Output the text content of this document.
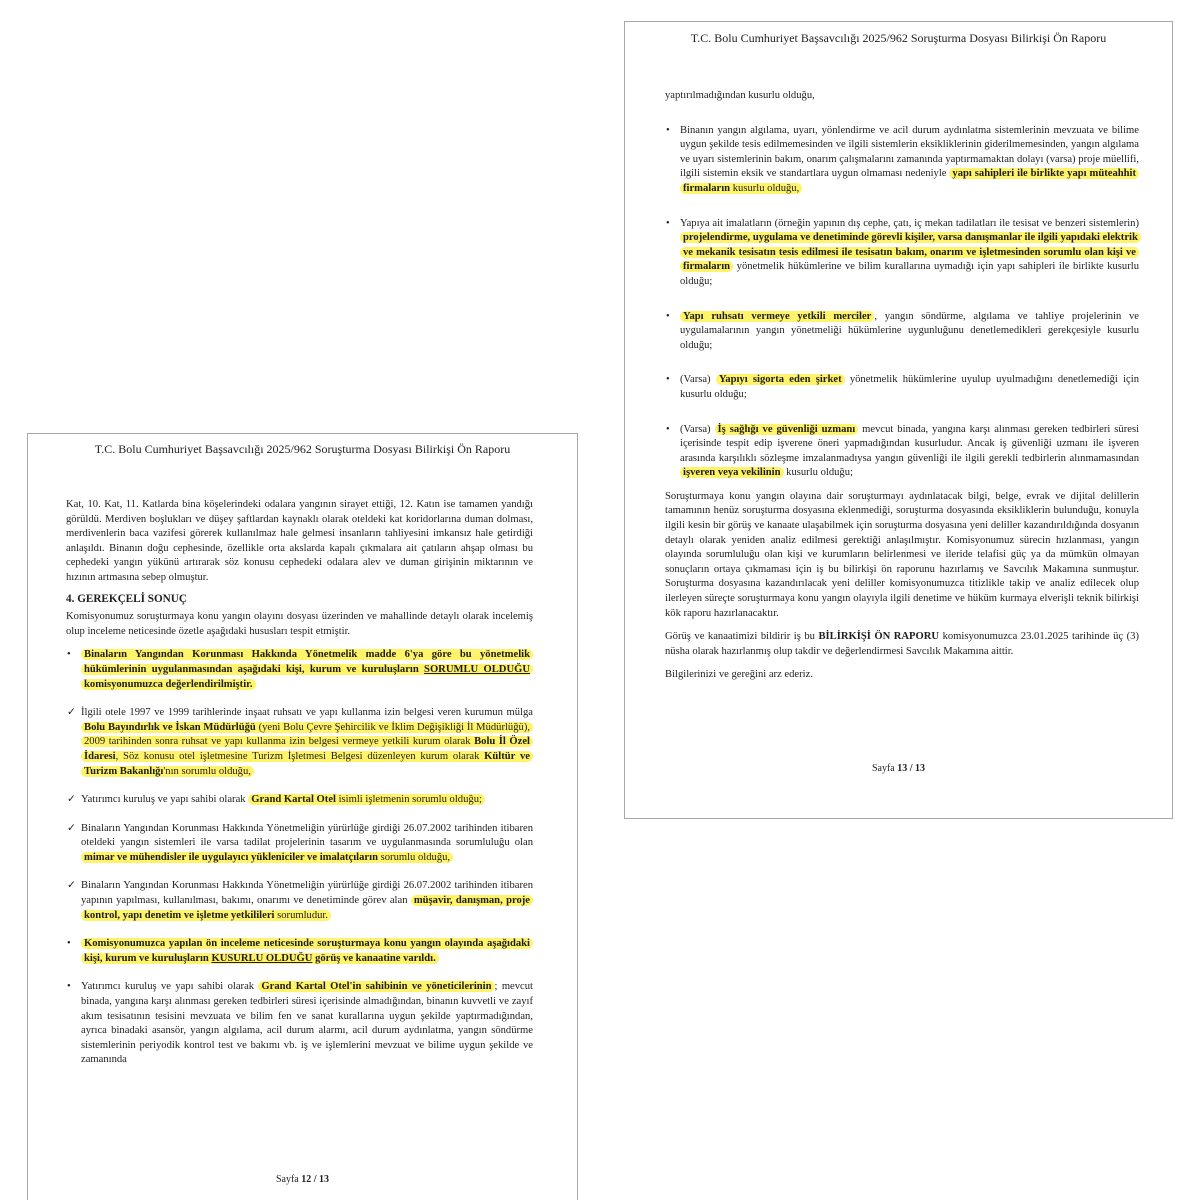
T.C. Bolu Cumhuriyet Başsavcılığı 2025/962 Soruşturma Dosyası Bilirkişi Ön Raporu

Kat, 10. Kat, 11. Katlarda bina köşelerindeki odalara yangının sirayet ettiği, 12. Katın ise tamamen yandığı görüldü. Merdiven boşlukları ve düşey şaftlardan kaynaklı olarak oteldeki kat koridorlarına duman dolması, merdivenlerin baca vazifesi görerek kullanılmaz hale gelmesi insanların tahliyesini imkansız hale getirdiği anlaşıldı. Binanın doğu cephesinde, özellikle orta akslarda kapalı çıkmalara ait çatıların ahşap olması bu cephedeki yangın yükünü artırarak söz konusu cephedeki odalara alev ve duman girişinin miktarının ve hızının artmasına sebep olmuştur.

4. GEREKÇELİ SONUÇ

Komisyonumuz soruşturmaya konu yangın olayını dosyası üzerinden ve mahallinde detaylı olarak incelemiş olup inceleme neticesinde özetle aşağıdaki hususları tespit etmiştir.

• Binaların Yangından Korunması Hakkında Yönetmelik madde 6'ya göre bu yönetmelik hükümlerinin uygulanmasından aşağıdaki kişi, kurum ve kuruluşların SORUMLU OLDUĞU komisyonumuzca değerlendirilmiştir.
✓ İlgili otele 1997 ve 1999 tarihlerinde inşaat ruhsatı ve yapı kullanma izin belgesi veren kurumun mülga Bolu Bayındırlık ve İskan Müdürlüğü (yeni Bolu Çevre Şehircilik ve İklim Değişikliği İl Müdürlüğü), 2009 tarihinden sonra ruhsat ve yapı kullanma izin belgesi vermeye yetkili kurum olarak Bolu İl Özel İdaresi, Söz konusu otel işletmesine Turizm İşletmesi Belgesi düzenleyen kurum olarak Kültür ve Turizm Bakanlığı'nın sorumlu olduğu,
✓ Yatırımcı kuruluş ve yapı sahibi olarak Grand Kartal Otel isimli işletmenin sorumlu olduğu;
✓ Binaların Yangından Korunması Hakkında Yönetmeliğin yürürlüğe girdiği 26.07.2002 tarihinden itibaren oteldeki yangın sistemleri ile varsa tadilat projelerinin tasarım ve uygulanmasında sorumluluğu olan mimar ve mühendisler ile uygulayıcı yükleniciler ve imalatçıların sorumlu olduğu,
✓ Binaların Yangından Korunması Hakkında Yönetmeliğin yürürlüğe girdiği 26.07.2002 tarihinden itibaren yapının yapılması, kullanılması, bakımı, onarımı ve denetiminde görev alan müşavir, danışman, proje kontrol, yapı denetim ve işletme yetkilileri sorumludur.
• Komisyonumuzca yapılan ön inceleme neticesinde soruşturmaya konu yangın olayında aşağıdaki kişi, kurum ve kuruluşların KUSURLU OLDUĞU görüş ve kanaatine varıldı.
• Yatırımcı kuruluş ve yapı sahibi olarak Grand Kartal Otel'in sahibinin ve yöneticilerinin ; mevcut binada, yangına karşı alınması gereken tedbirleri süresi içerisinde almadığından, binanın kuvvetli ve zayıf akım tesisatının tesisini mevzuata ve bilim fen ve sanat kurallarına uygun şekilde yaptırmadığından, ayrıca binadaki asansör, yangın algılama, acil durum alarmı, acil durum aydınlatma, yangın söndürme sistemlerinin periyodik kontrol test ve bakımı vb. iş ve işlemlerini mevzuat ve bilime uygun şekilde ve zamanında
Sayfa 12 / 13
T.C. Bolu Cumhuriyet Başsavcılığı 2025/962 Soruşturma Dosyası Bilirkişi Ön Raporu

yaptırılmadığından kusurlu olduğu,

• Binanın yangın algılama, uyarı, yönlendirme ve acil durum aydınlatma sistemlerinin mevzuata ve bilime uygun şekilde tesis edilmemesinden ve ilgili sistemlerin eksikliklerinin giderilmemesinden, yangın algılama ve uyarı sistemlerinin bakım, onarım çalışmalarını zamanında yaptırmamaktan dolayı (varsa) proje müellifi, ilgili sistemin eksik ve standartlara uygun olmaması nedeniyle yapı sahipleri ile birlikte yapı müteahhit firmaların kusurlu olduğu,
• Yapıya ait imalatların (örneğin yapının dış cephe, çatı, iç mekan tadilatları ile tesisat ve benzeri sistemlerin) projelendirme, uygulama ve denetiminde görevli kişiler, varsa danışmanlar ile ilgili yapıdaki elektrik ve mekanik tesisatın tesis edilmesi ile tesisatın bakım, onarım ve işletmesinden sorumlu olan kişi ve firmaların yönetmelik hükümlerine ve bilim kurallarına uymadığı için yapı sahipleri ile birlikte kusurlu olduğu;
• Yapı ruhsatı vermeye yetkili merciler , yangın söndürme, algılama ve tahliye projelerinin ve uygulamalarının yangın yönetmeliği hükümlerine uygunluğunu denetlemedikleri gerekçesiyle kusurlu olduğu;
• (Varsa) Yapıyı sigorta eden şirket yönetmelik hükümlerine uyulup uyulmadığını denetlemediği için kusurlu olduğu;
• (Varsa) İş sağlığı ve güvenliği uzmanı mevcut binada, yangına karşı alınması gereken tedbirleri süresi içerisinde tespit edip işverene öneri yapmadığından kusurludur. Ancak iş güvenliği uzmanı ile işveren arasında karşılıklı sözleşme imzalanmadıysa yangın güvenliği ile ilgili gerekli tedbirlerin alınmamasından işveren veya vekilinin kusurlu olduğu;

Soruşturmaya konu yangın olayına dair soruşturmayı aydınlatacak bilgi, belge, evrak ve dijital delillerin tamamının henüz soruşturma dosyasına eklenmediği, soruşturma dosyasında eksikliklerin bulunduğu, konuyla ilgili kesin bir görüş ve kanaate ulaşabilmek için soruşturma dosyasına yeni deliller kazandırıldığında dosyanın detaylı olarak yeniden analiz edilmesi gerektiği anlaşılmıştır. Komisyonumuz sürecin hızlanması, yangın olayında sorumluluğu olan kişi ve kurumların belirlenmesi ve ileride telafisi güç ya da mümkün olmayan sonuçların ortaya çıkmaması için iş bu bilirkişi ön raporunu hazırlamış ve Savcılık Makamına sunmuştur. Soruşturma dosyasına kazandırılacak yeni deliller komisyonumuzca titizlikle takip ve analiz edilecek olup ilerleyen süreçte soruşturmaya konu yangın olayıyla ilgili denetime ve hüküm kurmaya elverişli teknik bilirkişi kök raporu hazırlanacaktır.

Görüş ve kanaatimizi bildirir iş bu BİLİRKİŞİ ÖN RAPORU komisyonumuzca 23.01.2025 tarihinde üç (3) nüsha olarak hazırlanmış olup takdir ve değerlendirmesi Savcılık Makamına aittir.

Bilgilerinizi ve gereğini arz ederiz.

Sayfa 13 / 13
